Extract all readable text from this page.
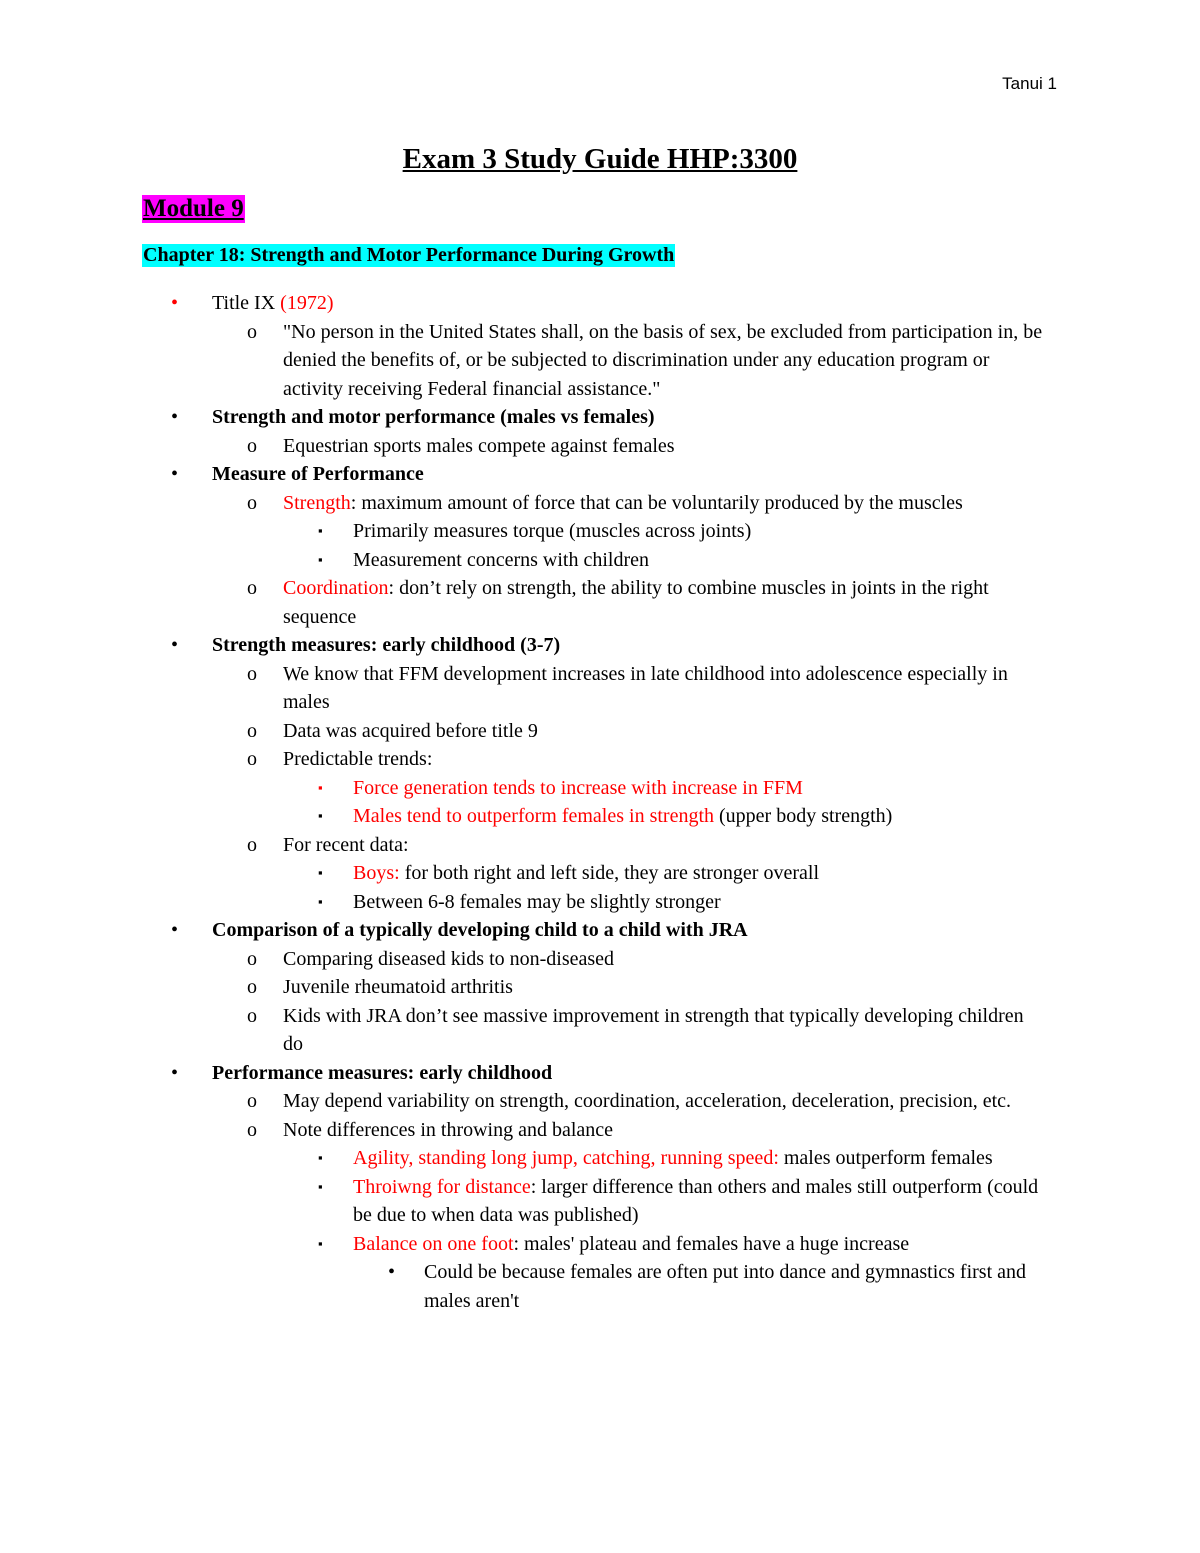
Tanui 1
Exam 3 Study Guide HHP:3300
Module 9
Chapter 18: Strength and Motor Performance During Growth
• Title IX (1972)
o "No person in the United States shall, on the basis of sex, be excluded from participation in, be denied the benefits of, or be subjected to discrimination under any education program or activity receiving Federal financial assistance."
• Strength and motor performance (males vs females)
o Equestrian sports males compete against females
• Measure of Performance
o Strength: maximum amount of force that can be voluntarily produced by the muscles
▪ Primarily measures torque (muscles across joints)
▪ Measurement concerns with children
o Coordination: don’t rely on strength, the ability to combine muscles in joints in the right sequence
• Strength measures: early childhood (3-7)
o We know that FFM development increases in late childhood into adolescence especially in males
o Data was acquired before title 9
o Predictable trends:
▪ Force generation tends to increase with increase in FFM
▪ Males tend to outperform females in strength (upper body strength)
o For recent data:
▪ Boys: for both right and left side, they are stronger overall
▪ Between 6-8 females may be slightly stronger
• Comparison of a typically developing child to a child with JRA
o Comparing diseased kids to non-diseased
o Juvenile rheumatoid arthritis
o Kids with JRA don’t see massive improvement in strength that typically developing children do
• Performance measures: early childhood
o May depend variability on strength, coordination, acceleration, deceleration, precision, etc.
o Note differences in throwing and balance
▪ Agility, standing long jump, catching, running speed: males outperform females
▪ Throiwng for distance: larger difference than others and males still outperform (could be due to when data was published)
▪ Balance on one foot: males' plateau and females have a huge increase
• Could be because females are often put into dance and gymnastics first and males aren't
